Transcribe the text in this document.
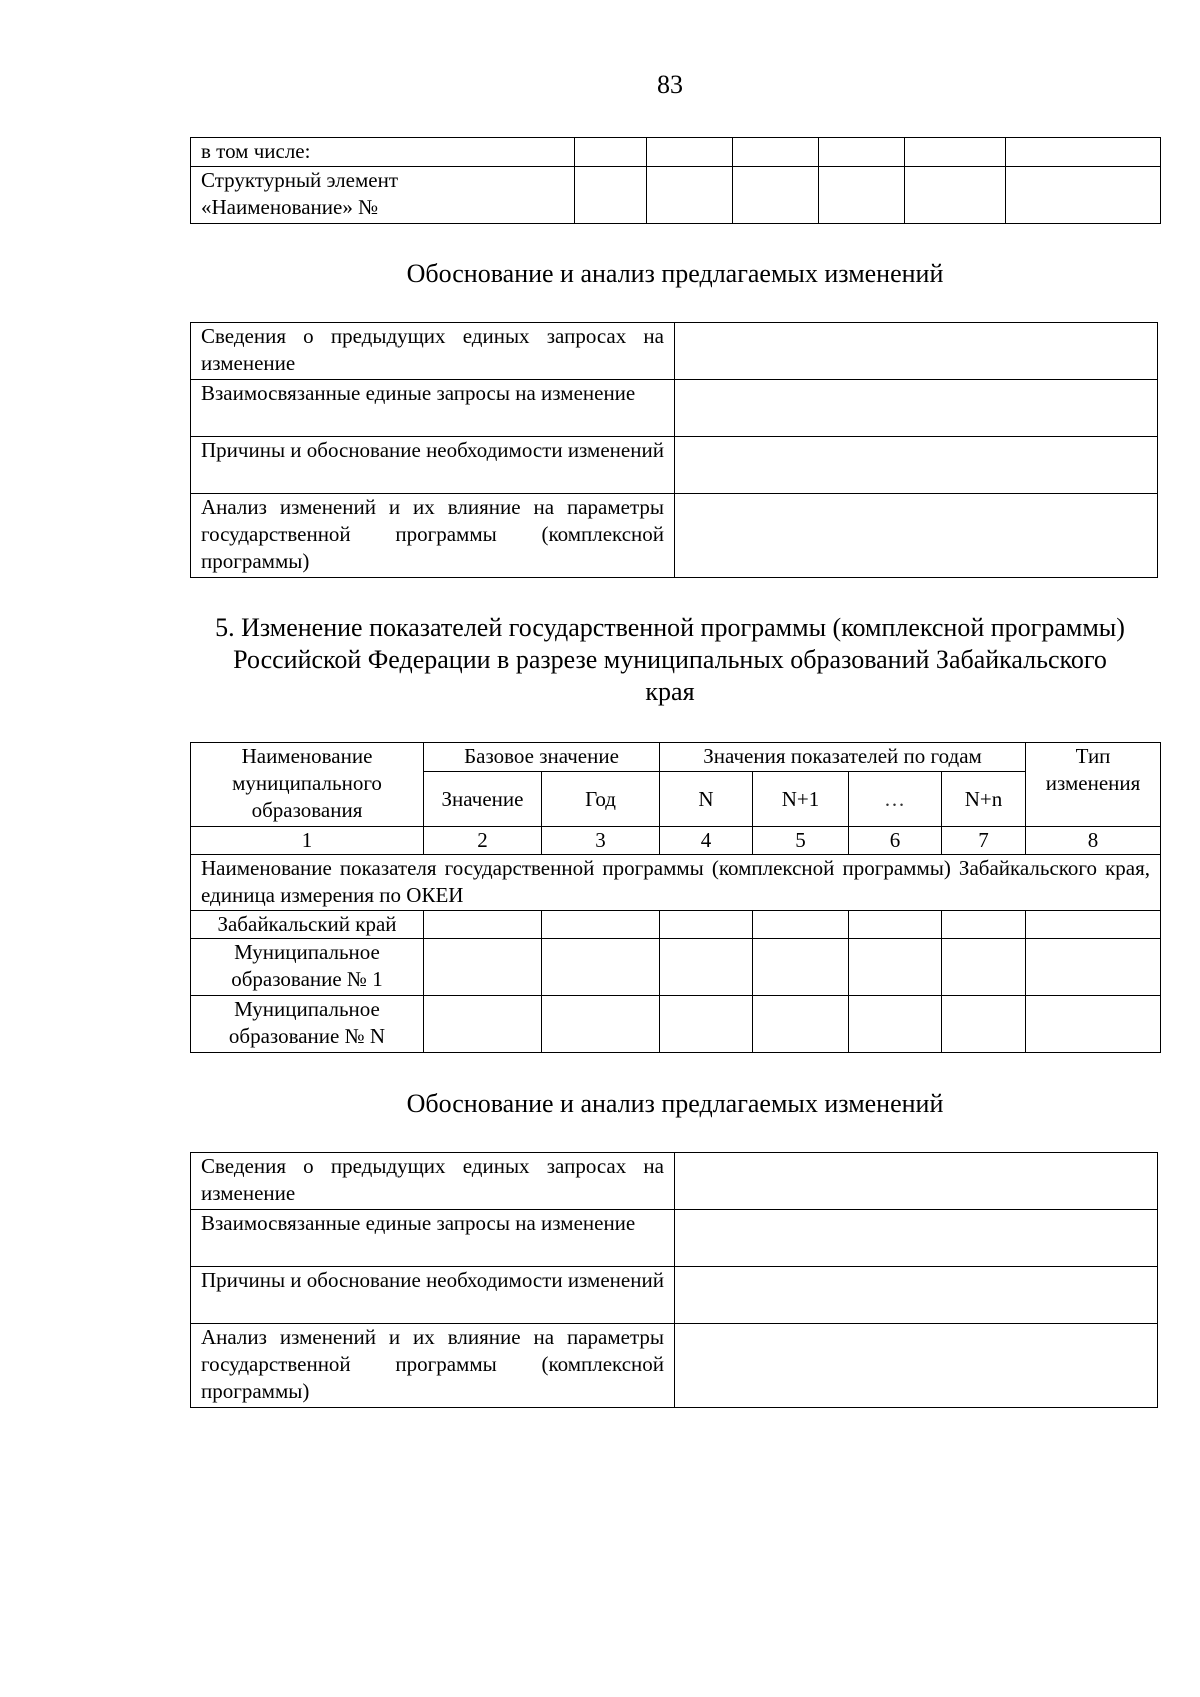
83
в том числе:						
Структурный элемент «Наименование» №						
Обоснование и анализ предлагаемых изменений
Сведения о предыдущих единых запросах на изменение	
Взаимосвязанные единые запросы на изменение	
Причины и обоснование необходимости изменений	
Анализ изменений и их влияние на параметры государственной программы (комплексной программы)	
5. Изменение показателей государственной программы (комплексной программы) Российской Федерации в разрезе муниципальных образований Забайкальского края
Наименование муниципального образования	Базовое значение		Значения показателей по годам				Тип изменения
	Значение	Год	N	N+1	…	N+n	
1	2	3	4	5	6	7	8
Наименование показателя государственной программы (комплексной программы) Забайкальского края, единица измерения по ОКЕИ							
Забайкальский край							
Муниципальное образование № 1							
Муниципальное образование № N							
Обоснование и анализ предлагаемых изменений
Сведения о предыдущих единых запросах на изменение	
Взаимосвязанные единые запросы на изменение	
Причины и обоснование необходимости изменений	
Анализ изменений и их влияние на параметры государственной программы (комплексной программы)	
